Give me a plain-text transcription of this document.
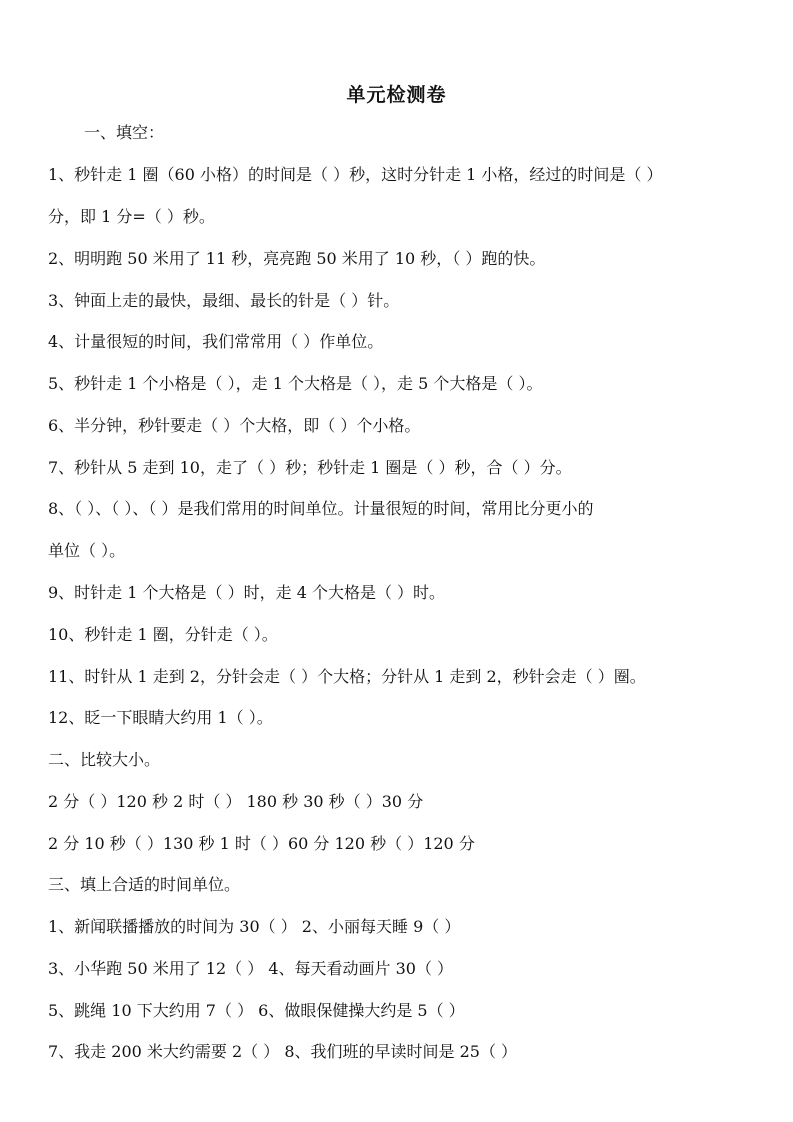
单元检测卷
一、填空：
1、秒针走 1 圈（60 小格）的时间是（ ）秒，这时分针走 1 小格，经过的时间是（ ）
分，即 1 分=（ ）秒。
2、明明跑 50 米用了 11 秒，亮亮跑 50 米用了 10 秒，（ ）跑的快。
3、钟面上走的最快，最细、最长的针是（ ）针。
4、计量很短的时间，我们常常用（ ）作单位。
5、秒针走 1 个小格是（ ），走 1 个大格是（ ），走 5 个大格是（ ）。
6、半分钟，秒针要走（ ）个大格，即（ ）个小格。
7、秒针从 5 走到 10，走了（ ）秒；秒针走 1 圈是（ ）秒，合（ ）分。
8、（ ）、（ ）、（ ）是我们常用的时间单位。计量很短的时间，常用比分更小的
单位（ ）。
9、时针走 1 个大格是（ ）时，走 4 个大格是（ ）时。
10、秒针走 1 圈，分针走（ ）。
11、时针从 1 走到 2，分针会走（ ）个大格；分针从 1 走到 2，秒针会走（ ）圈。
12、眨一下眼睛大约用 1（ ）。
二、比较大小。
2 分（ ）120 秒 2 时（ ） 180 秒 30 秒（ ）30 分
2 分 10 秒（ ）130 秒 1 时（ ）60 分 120 秒（ ）120 分
三、填上合适的时间单位。
1、新闻联播播放的时间为 30（ ） 2、小丽每天睡 9（ ）
3、小华跑 50 米用了 12（ ） 4、每天看动画片 30（ ）
5、跳绳 10 下大约用 7（ ） 6、做眼保健操大约是 5（ ）
7、我走 200 米大约需要 2（ ） 8、我们班的早读时间是 25（ ）
